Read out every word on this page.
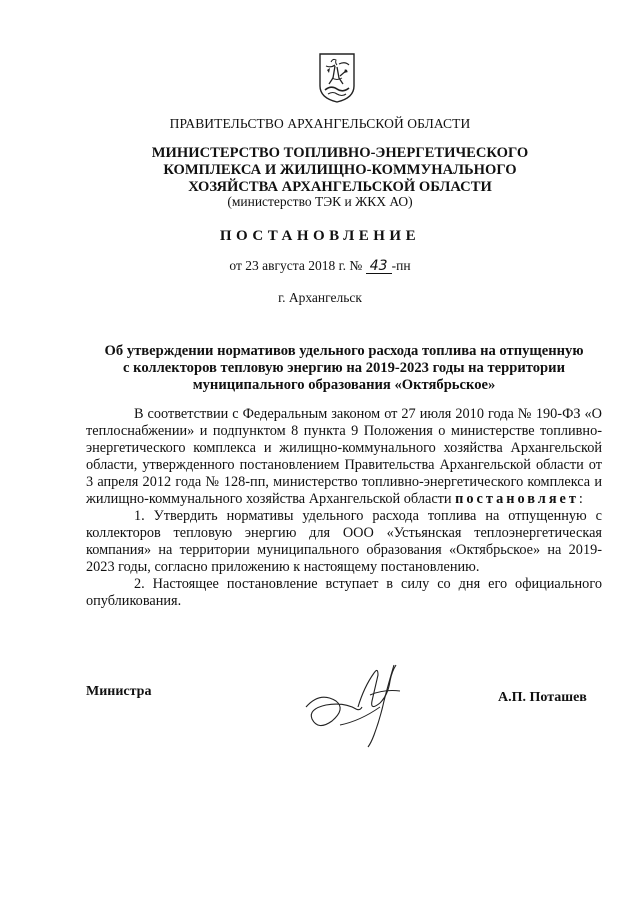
ПРАВИТЕЛЬСТВО АРХАНГЕЛЬСКОЙ ОБЛАСТИ
МИНИСТЕРСТВО ТОПЛИВНО-ЭНЕРГЕТИЧЕСКОГО
КОМПЛЕКСА И ЖИЛИЩНО-КОММУНАЛЬНОГО
ХОЗЯЙСТВА АРХАНГЕЛЬСКОЙ ОБЛАСТИ
(министерство ТЭК и ЖКХ АО)
ПОСТАНОВЛЕНИЕ
от 23 августа 2018 г. № 43 -пн
г. Архангельск
Об утверждении нормативов удельного расхода топлива на отпущенную
с коллекторов тепловую энергию на 2019-2023 годы на территории
муниципального образования «Октябрьское»

В соответствии с Федеральным законом от 27 июля 2010 года № 190-ФЗ «О теплоснабжении» и подпунктом 8 пункта 9 Положения о министерстве топливно-энергетического комплекса и жилищно-коммунального хозяйства Архангельской области, утвержденного постановлением Правительства Архангельской области от 3 апреля 2012 года № 128-пп, министерство топливно-энергетического комплекса и жилищно-коммунального хозяйства Архангельской области постановляет:

1. Утвердить нормативы удельного расхода топлива на отпущенную с коллекторов тепловую энергию для ООО «Устьянская теплоэнергетическая компания» на территории муниципального образования «Октябрьское» на 2019-2023 годы, согласно приложению к настоящему постановлению.

2. Настоящее постановление вступает в силу со дня его официального опубликования.

Министра	А.П. Поташев
